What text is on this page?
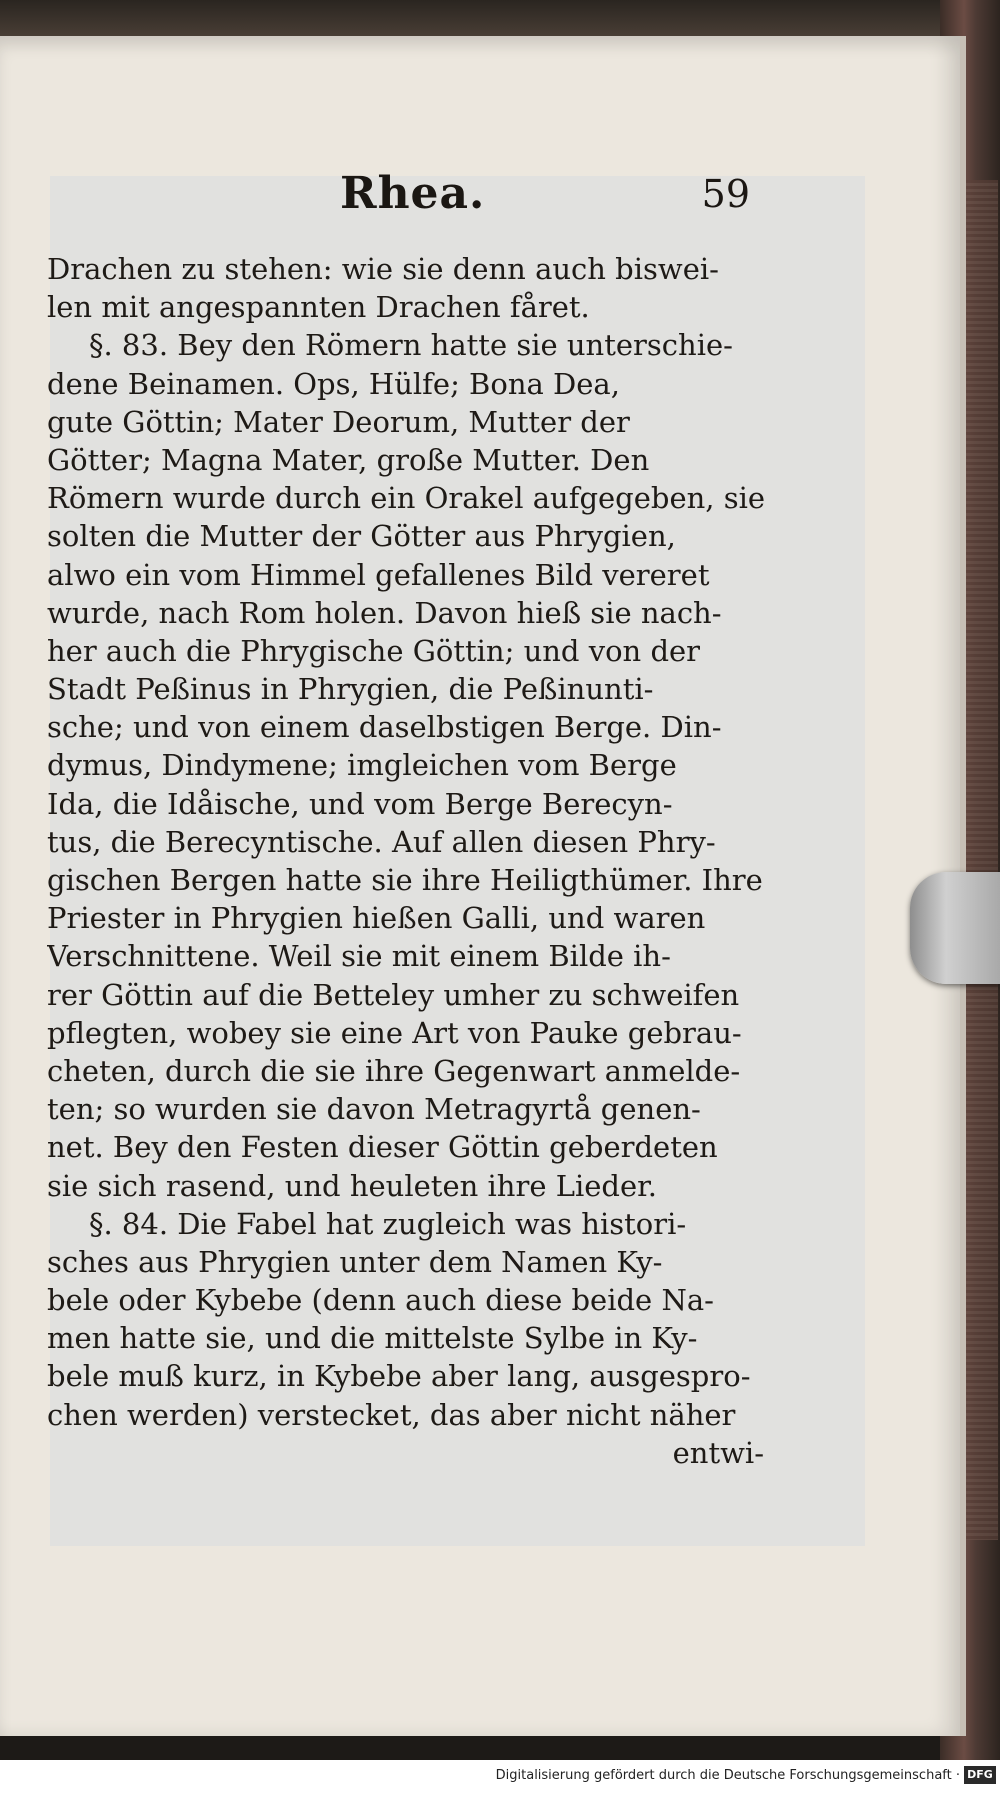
Rhea.	59
Drachen zu stehen: wie sie denn auch biswei-
len mit angespannten Drachen fåret.
§. 83. Bey den Römern hatte sie unterschie-
dene Beinamen. Ops, Hülfe; Bona Dea,
gute Göttin; Mater Deorum, Mutter der
Götter; Magna Mater, große Mutter. Den
Römern wurde durch ein Orakel aufgegeben, sie
solten die Mutter der Götter aus Phrygien,
alwo ein vom Himmel gefallenes Bild vereret
wurde, nach Rom holen. Davon hieß sie nach-
her auch die Phrygische Göttin; und von der
Stadt Peßinus in Phrygien, die Peßinunti-
sche; und von einem daselbstigen Berge. Din-
dymus, Dindymene; imgleichen vom Berge
Ida, die Idåische, und vom Berge Berecyn-
tus, die Berecyntische. Auf allen diesen Phry-
gischen Bergen hatte sie ihre Heiligthümer. Ihre
Priester in Phrygien hießen Galli, und waren
Verschnittene. Weil sie mit einem Bilde ih-
rer Göttin auf die Betteley umher zu schweifen
pflegten, wobey sie eine Art von Pauke gebrau-
cheten, durch die sie ihre Gegenwart anmelde-
ten; so wurden sie davon Metragyrtå genen-
net. Bey den Festen dieser Göttin geberdeten
sie sich rasend, und heuleten ihre Lieder.
§. 84. Die Fabel hat zugleich was histori-
sches aus Phrygien unter dem Namen Ky-
bele oder Kybebe (denn auch diese beide Na-
men hatte sie, und die mittelste Sylbe in Ky-
bele muß kurz, in Kybebe aber lang, ausgespro-
chen werden) verstecket, das aber nicht näher
entwi-
Digitalisierung gefördert durch die Deutsche Forschungsgemeinschaft · DFG
